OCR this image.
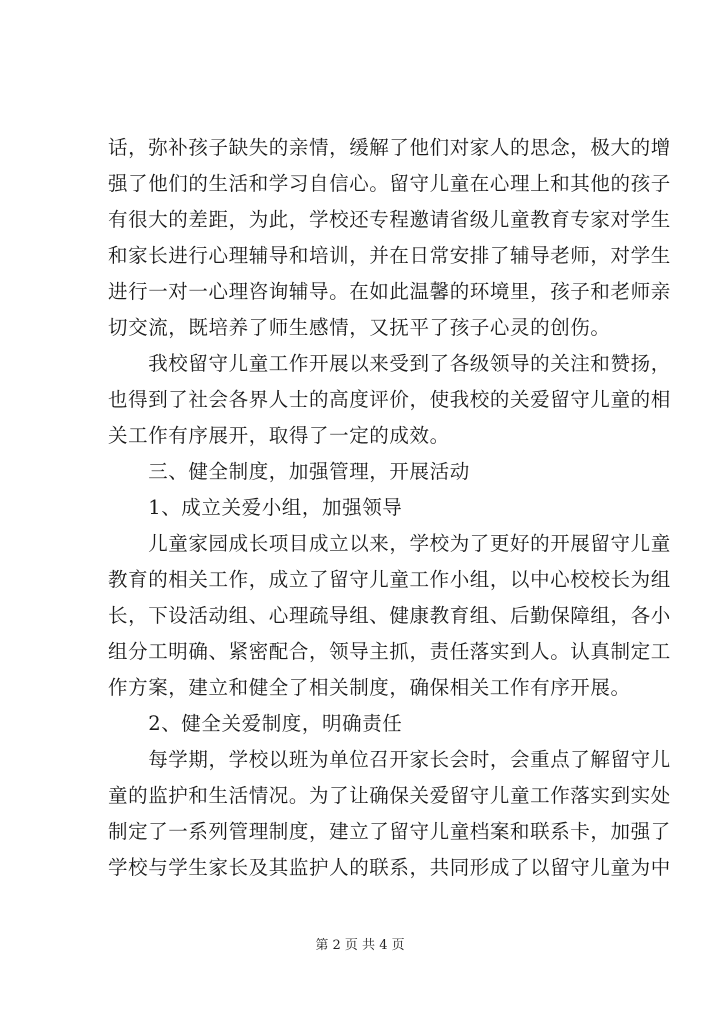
话，弥补孩子缺失的亲情，缓解了他们对家人的思念，极大的增
强了他们的生活和学习自信心。留守儿童在心理上和其他的孩子
有很大的差距，为此，学校还专程邀请省级儿童教育专家对学生
和家长进行心理辅导和培训，并在日常安排了辅导老师，对学生
进行一对一心理咨询辅导。在如此温馨的环境里，孩子和老师亲
切交流，既培养了师生感情，又抚平了孩子心灵的创伤。
　　我校留守儿童工作开展以来受到了各级领导的关注和赞扬，
也得到了社会各界人士的高度评价，使我校的关爱留守儿童的相
关工作有序展开，取得了一定的成效。
　　三、健全制度，加强管理，开展活动
　　1、成立关爱小组，加强领导
　　儿童家园成长项目成立以来，学校为了更好的开展留守儿童
教育的相关工作，成立了留守儿童工作小组，以中心校校长为组
长，下设活动组、心理疏导组、健康教育组、后勤保障组，各小
组分工明确、紧密配合，领导主抓，责任落实到人。认真制定工
作方案，建立和健全了相关制度，确保相关工作有序开展。
　　2、健全关爱制度，明确责任
　　每学期，学校以班为单位召开家长会时，会重点了解留守儿
童的监护和生活情况。为了让确保关爱留守儿童工作落实到实处
制定了一系列管理制度，建立了留守儿童档案和联系卡，加强了
学校与学生家长及其监护人的联系，共同形成了以留守儿童为中
第 2 页 共 4 页
